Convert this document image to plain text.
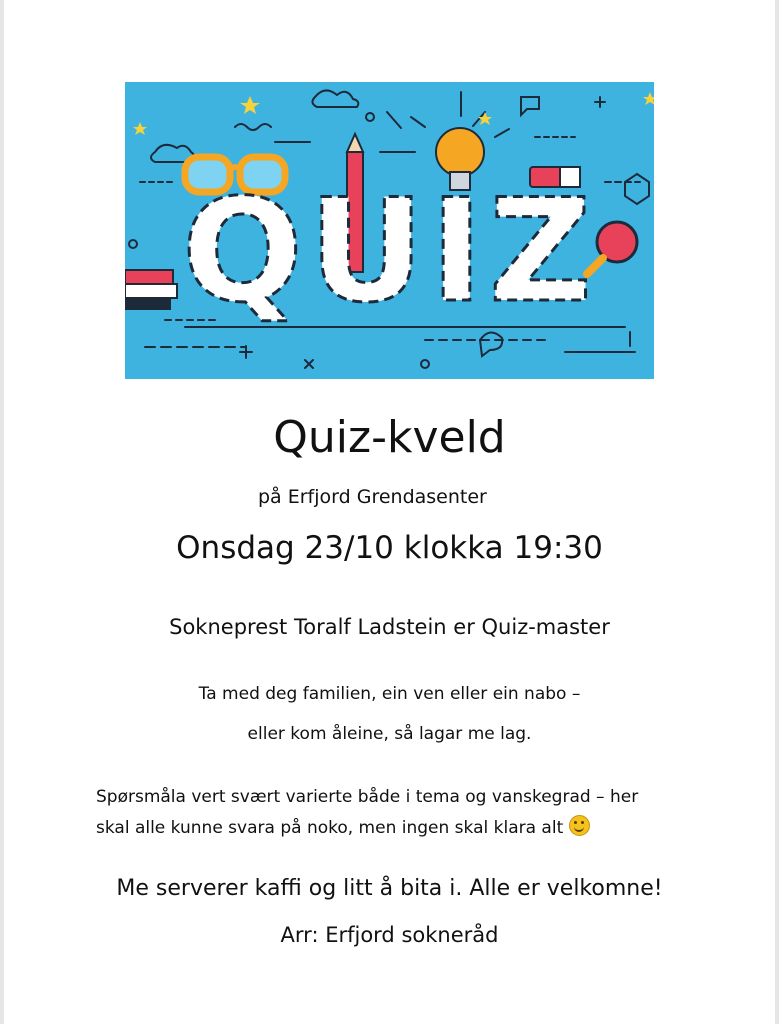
QUIZ
Quiz-kveld
på Erfjord Grendasenter
Onsdag 23/10 klokka 19:30
Sokneprest Toralf Ladstein er Quiz-master
Ta med deg familien, ein ven eller ein nabo –
eller kom åleine, så lagar me lag.
Spørsmåla vert svært varierte både i tema og vanskegrad – her
skal alle kunne svara på noko, men ingen skal klara alt
Me serverer kaffi og litt å bita i. Alle er velkomne!
Arr: Erfjord sokneråd
